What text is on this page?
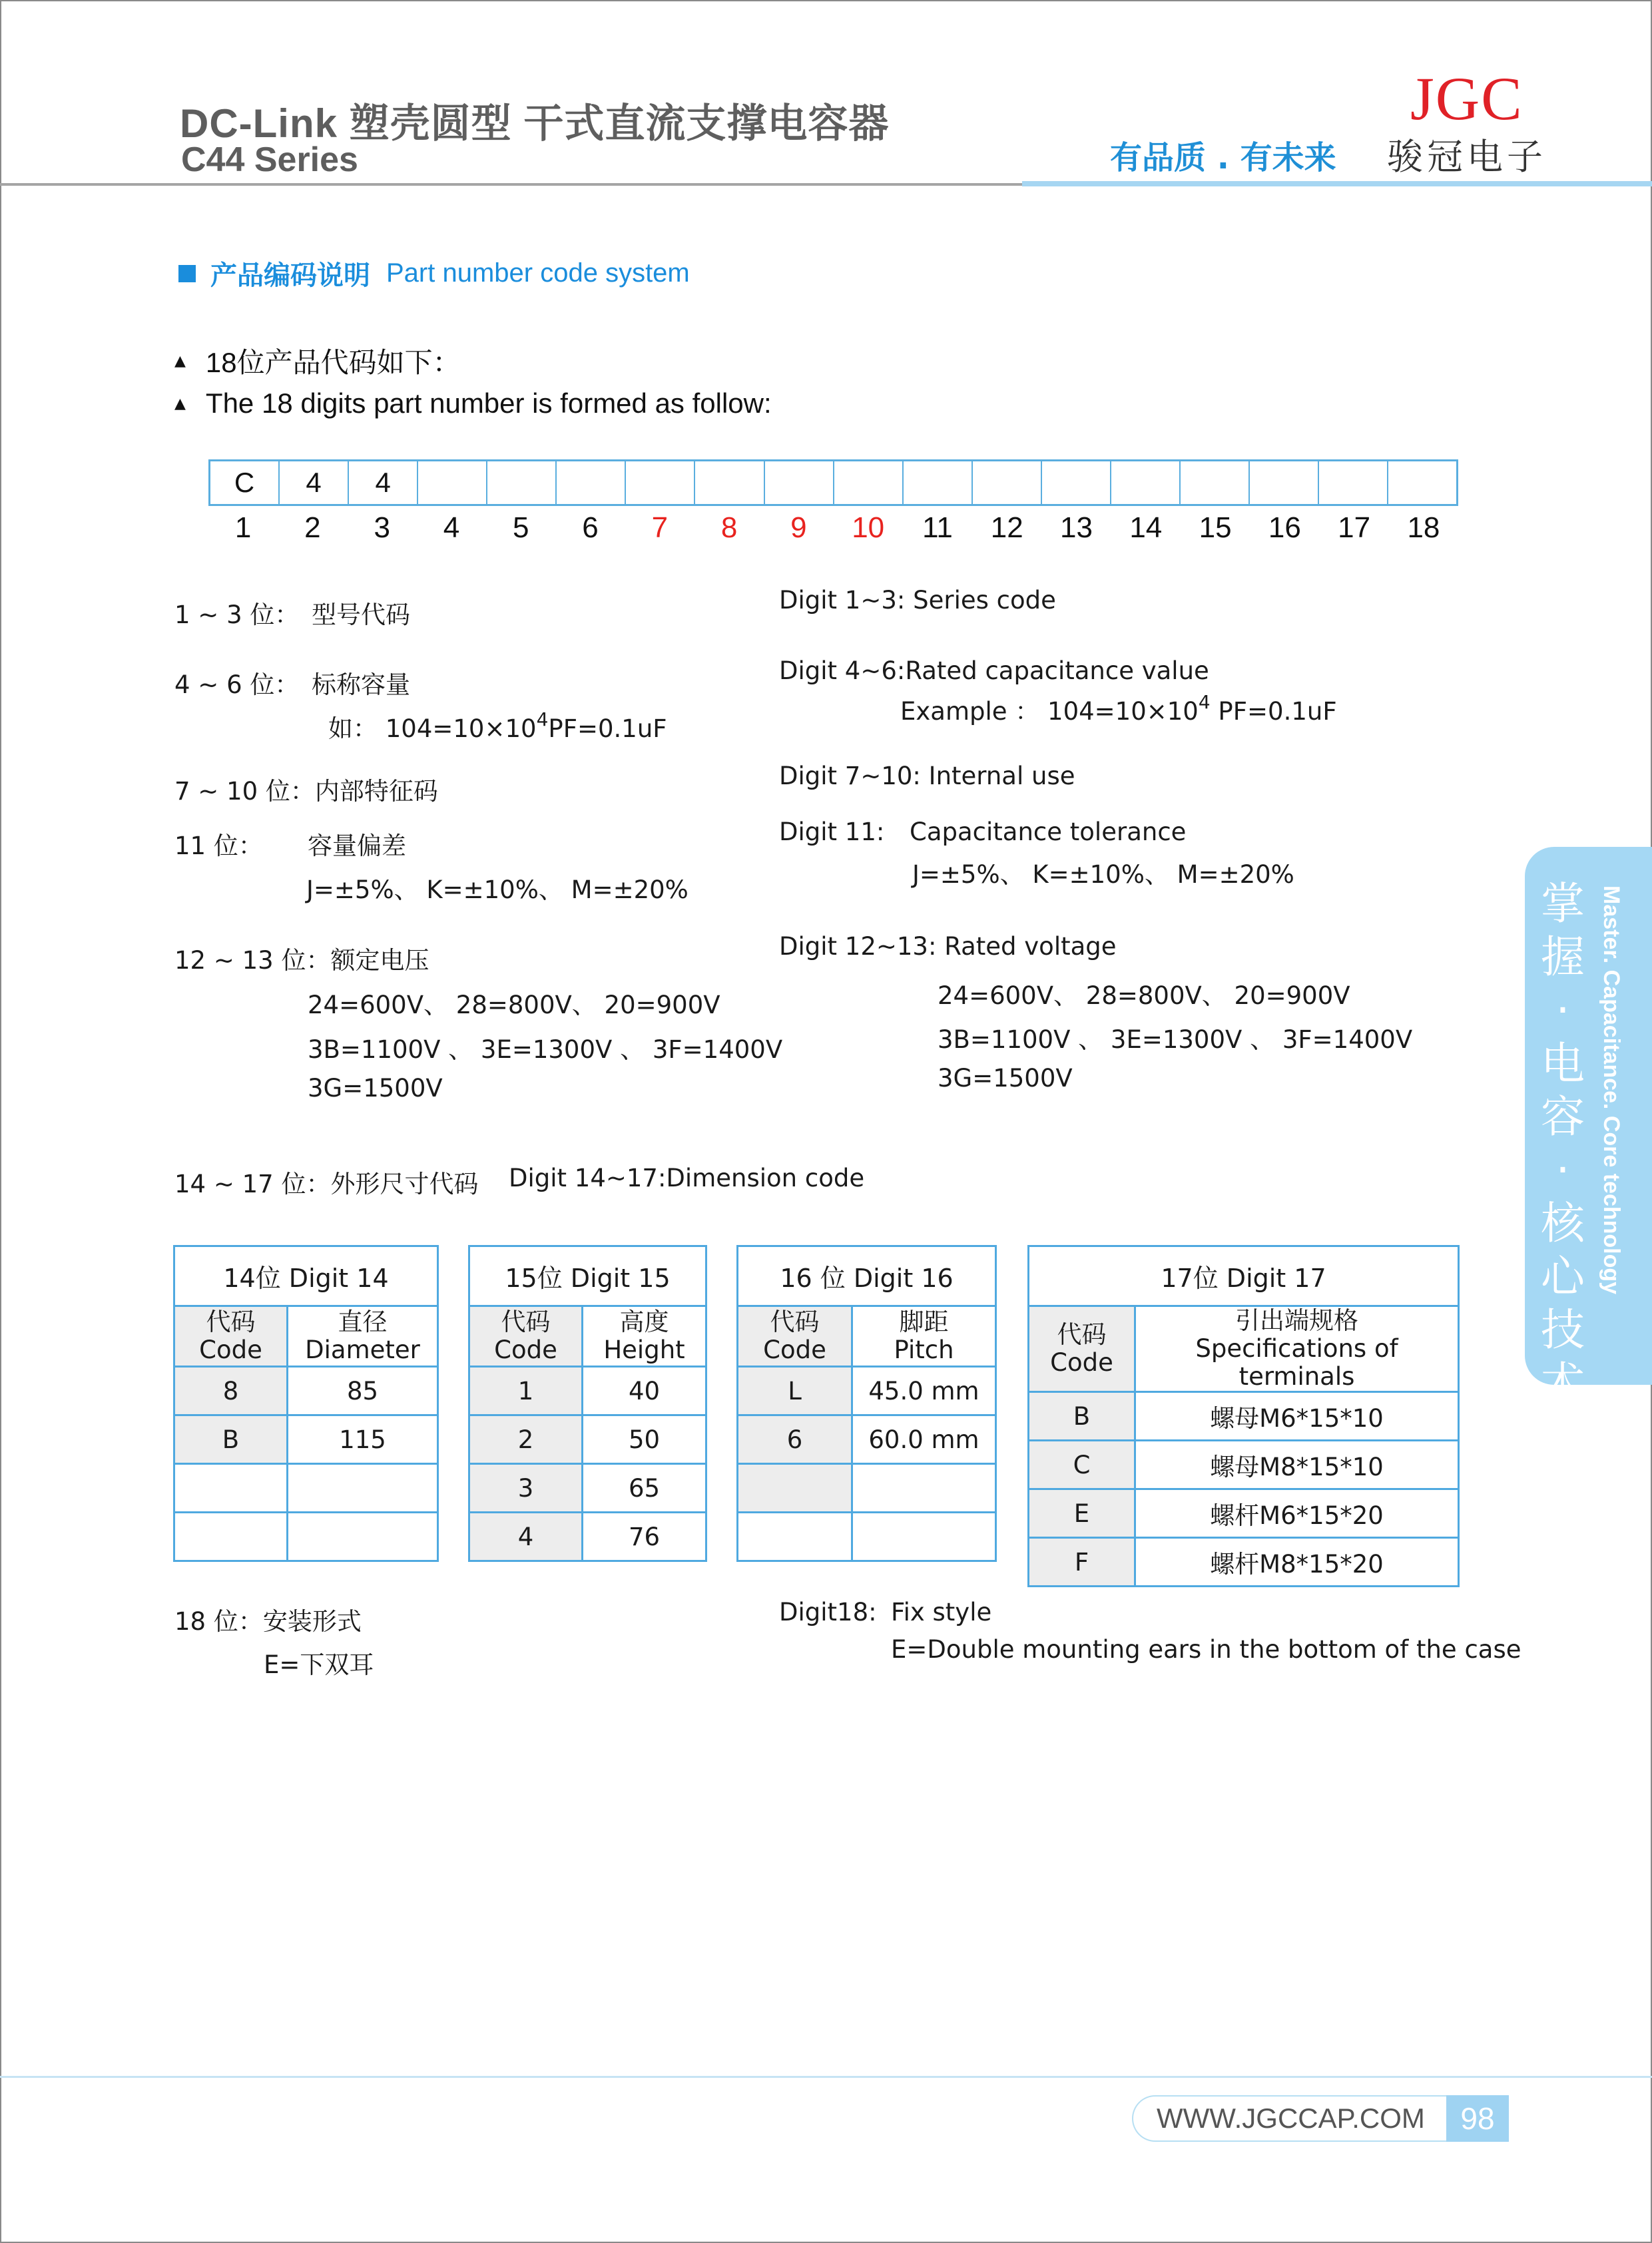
DC-Link 塑壳圆型 干式直流支撑电容器
C44 Series
JGC
有品质 . 有未来 骏冠电子
产品编码说明 Part number code system
▲ 18位产品代码如下：
▲ The 18 digits part number is formed as follow:
C	4	4
1	2	3	4	5	6	7	8	9	10	11	12	13	14	15	16	17	18
1 ~ 3 位： 型号代码
4 ~ 6 位： 标称容量
如： $104=10\times 10^4PF=0.1uF$
7 ~ 10 位：内部特征码
11 位： 容量偏差
J=±5%、 K=±10%、 M=±20%
12 ~ 13 位：额定电压
24=600V、 28=800V、 20=900V
3B=1100V 、 3E=1300V 、 3F=1400V
3G=1500V
14 ~ 17 位：外形尺寸代码 Digit 14~17:Dimension code
Digit 1~3: Series code
Digit 4~6:Rated capacitance value
Example ： $104=10\times 10^4$ PF=0.1uF
Digit 7~10: Internal use
Digit 11: Capacitance tolerance
J=±5%、 K=±10%、 M=±20%
Digit 12~13: Rated voltage
24=600V、 28=800V、 20=900V
3B=1100V 、 3E=1300V 、 3F=1400V
3G=1500V
14位 Digit 14	
代码
Code	直径
Diameter
8	85
B	115

15位 Digit 15	
代码
Code	高度
Height
1	40
2	50
3	65
4	76
16 位 Digit 16	
代码
Code	脚距
Pitch
L	45.0 mm
6	60.0 mm

17位 Digit 17	
代码
Code	引出端规格
Specifications of terminals
B	螺母M6*15*10
C	螺母M8*15*10
E	螺杆M6*15*20
F	螺杆M8*15*20
18 位：安装形式
E=下双耳
Digit18: Fix style
E=Double mounting ears in the bottom of the case
掌握·电容·核心技术
Master. Capacitance. Core technology
WWW.JGCCAP.COM	98
